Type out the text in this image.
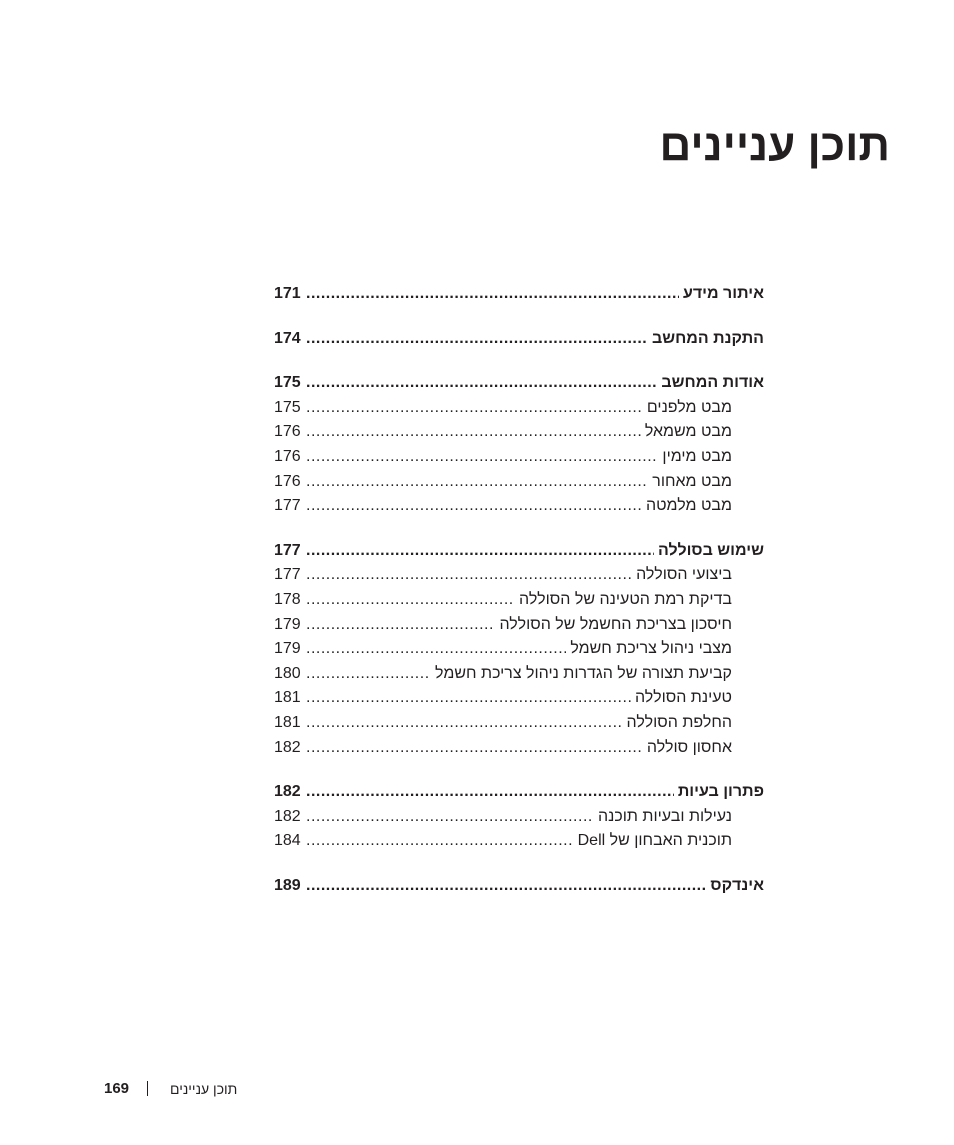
תוכן עניינים
איתור מידע
.....
171
התקנת המחשב
.....
174
אודות המחשב
.....
175
מבט מלפנים
.....
175
מבט משמאל
.....
176
מבט מימין
.....
176
מבט מאחור
.....
176
מבט מלמטה
.....
177
שימוש בסוללה
.....
177
ביצועי הסוללה
.....
177
בדיקת רמת הטעינה של הסוללה
.....
178
חיסכון בצריכת החשמל של הסוללה
.....
179
מצבי ניהול צריכת חשמל
.....
179
קביעת תצורה של הגדרות ניהול צריכת חשמל
.....
180
טעינת הסוללה
.....
181
החלפת הסוללה
.....
181
אחסון סוללה
.....
182
פתרון בעיות
.....
182
נעילות ובעיות תוכנה
.....
182
תוכנית האבחון של Dell
.....
184
אינדקס
.....
189
169	תוכן עניינים
